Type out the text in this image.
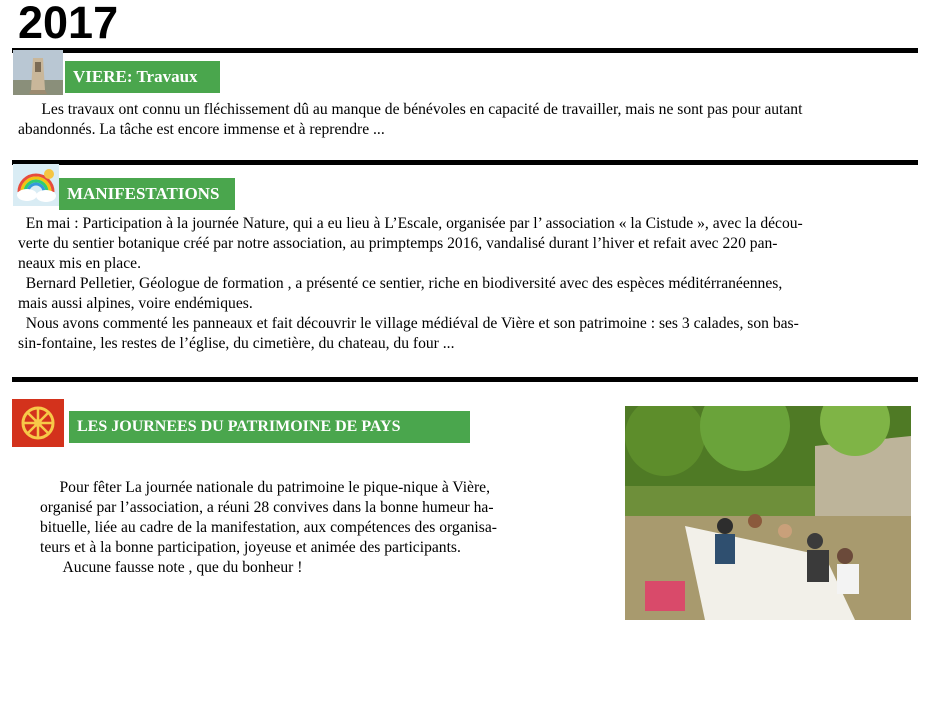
2017
VIERE: Travaux

Les travaux ont connu un fléchissement dû au manque de bénévoles en capacité de travailler, mais ne sont pas pour autant

abandonnés. La tâche est encore immense et à reprendre ...

MANIFESTATIONS

En mai : Participation à la journée Nature, qui a eu lieu à L’Escale, organisée par l’ association « la Cistude », avec la décou-

verte du sentier botanique créé par notre association, au primptemps 2016, vandalisé durant l’hiver et refait avec 220 pan-

neaux mis en place.

Bernard Pelletier, Géologue de formation , a présenté ce sentier, riche en biodiversité avec des espèces méditérranéennes,

mais aussi alpines, voire endémiques.

Nous avons commenté les panneaux et fait découvrir le village médiéval de Vière et son patrimoine : ses 3 calades, son bas-

sin-fontaine, les restes de l’église, du cimetière, du chateau, du four ...

LES JOURNEES DU PATRIMOINE DE PAYS

Pour fêter La journée nationale du patrimoine le pique-nique à Vière,

organisé par l’association, a réuni 28 convives dans la bonne humeur ha-

bituelle, liée au cadre de la manifestation, aux compétences des organisa-

teurs et à la bonne participation, joyeuse et animée des participants.

Aucune fausse note , que du bonheur !
